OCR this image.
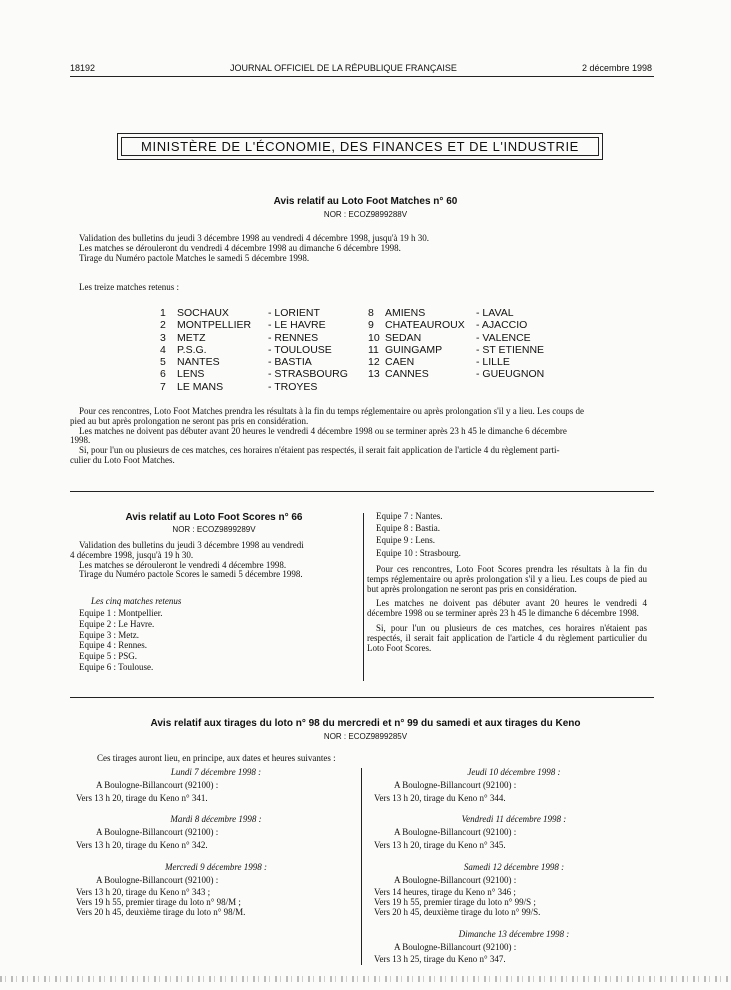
18192	JOURNAL OFFICIEL DE LA RÉPUBLIQUE FRANÇAISE	2 décembre 1998
MINISTÈRE DE L'ÉCONOMIE, DES FINANCES ET DE L'INDUSTRIE
Avis relatif au Loto Foot Matches n° 60
NOR : ECOZ9899288V
Validation des bulletins du jeudi 3 décembre 1998 au vendredi 4 décembre 1998, jusqu'à 19 h 30.
Les matches se dérouleront du vendredi 4 décembre 1998 au dimanche 6 décembre 1998.
Tirage du Numéro pactole Matches le samedi 5 décembre 1998.
Les treize matches retenus :
1	SOCHAUX	- LORIENT
2	MONTPELLIER	- LE HAVRE
3	METZ	- RENNES
4	P.S.G.	- TOULOUSE
5	NANTES	- BASTIA
6	LENS	- STRASBOURG
7	LE MANS	- TROYES
8	AMIENS	- LAVAL
9	CHATEAUROUX	- AJACCIO
10 SEDAN	- VALENCE
11 GUINGAMP	- ST ETIENNE
12 CAEN	- LILLE
13 CANNES	- GUEUGNON
Pour ces rencontres, Loto Foot Matches prendra les résultats à la fin du temps réglementaire ou après prolongation s'il y a lieu. Les coups de
pied au but après prolongation ne seront pas pris en considération.
Les matches ne doivent pas débuter avant 20 heures le vendredi 4 décembre 1998 ou se terminer après 23 h 45 le dimanche 6 décembre
1998.
Si, pour l'un ou plusieurs de ces matches, ces horaires n'étaient pas respectés, il serait fait application de l'article 4 du règlement parti-
culier du Loto Foot Matches.
Avis relatif au Loto Foot Scores n° 66
NOR : ECOZ9899289V
Validation des bulletins du jeudi 3 décembre 1998 au vendredi
4 décembre 1998, jusqu'à 19 h 30.
Les matches se dérouleront le vendredi 4 décembre 1998.
Tirage du Numéro pactole Scores le samedi 5 décembre 1998.
Les cinq matches retenus
Equipe 1 : Montpellier.
Equipe 2 : Le Havre.
Equipe 3 : Metz.
Equipe 4 : Rennes.
Equipe 5 : PSG.
Equipe 6 : Toulouse.
Equipe 7 : Nantes.
Equipe 8 : Bastia.
Equipe 9 : Lens.
Equipe 10 : Strasbourg.
Pour ces rencontres, Loto Foot Scores prendra les résultats à la fin du temps réglementaire ou après prolongation s'il y a lieu. Les coups de pied au but après prolongation ne seront pas pris en considération.
Les matches ne doivent pas débuter avant 20 heures le vendredi 4 décembre 1998 ou se terminer après 23 h 45 le dimanche 6 décembre 1998.
Si, pour l'un ou plusieurs de ces matches, ces horaires n'étaient pas respectés, il serait fait application de l'article 4 du règlement particulier du Loto Foot Scores.
Avis relatif aux tirages du loto n° 98 du mercredi et n° 99 du samedi et aux tirages du Keno
NOR : ECOZ9899285V
Ces tirages auront lieu, en principe, aux dates et heures suivantes :
Lundi 7 décembre 1998 :
A Boulogne-Billancourt (92100) :
Vers 13 h 20, tirage du Keno n° 341.
Mardi 8 décembre 1998 :
A Boulogne-Billancourt (92100) :
Vers 13 h 20, tirage du Keno n° 342.
Mercredi 9 décembre 1998 :
A Boulogne-Billancourt (92100) :
Vers 13 h 20, tirage du Keno n° 343 ;
Vers 19 h 55, premier tirage du loto n° 98/M ;
Vers 20 h 45, deuxième tirage du loto n° 98/M.
Jeudi 10 décembre 1998 :
A Boulogne-Billancourt (92100) :
Vers 13 h 20, tirage du Keno n° 344.
Vendredi 11 décembre 1998 :
A Boulogne-Billancourt (92100) :
Vers 13 h 20, tirage du Keno n° 345.
Samedi 12 décembre 1998 :
A Boulogne-Billancourt (92100) :
Vers 14 heures, tirage du Keno n° 346 ;
Vers 19 h 55, premier tirage du loto n° 99/S ;
Vers 20 h 45, deuxième tirage du loto n° 99/S.
Dimanche 13 décembre 1998 :
A Boulogne-Billancourt (92100) :
Vers 13 h 25, tirage du Keno n° 347.
